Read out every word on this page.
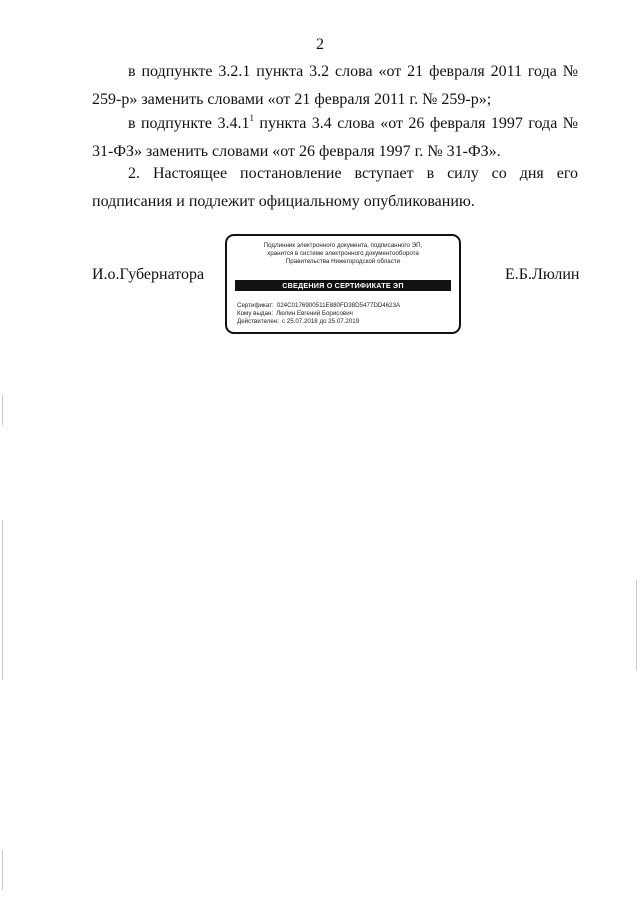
2

в подпункте 3.2.1 пункта 3.2 слова «от 21 февраля 2011 года № 259-р» заменить словами «от 21 февраля 2011 г. № 259-р»;

в подпункте 3.4.1$^1$ пункта 3.4 слова «от 26 февраля 1997 года № 31-ФЗ» заменить словами «от 26 февраля 1997 г. № 31-ФЗ».

2. Настоящее постановление вступает в силу со дня его подписания и подлежит официальному опубликованию.

И.о.Губернатора
Подлинник электронного документа, подписанного ЭП,
хранится в системе электронного документооборота
Правительства Нижегородской области
СВЕДЕНИЯ О СЕРТИФИКАТЕ ЭП
Сертификат: 024C0176900511E880FD38D5477DD4623A
Кому выдан: Люлин Евгений Борисович
Действителен: с 25.07.2018 до 25.07.2019
Е.Б.Люлин
